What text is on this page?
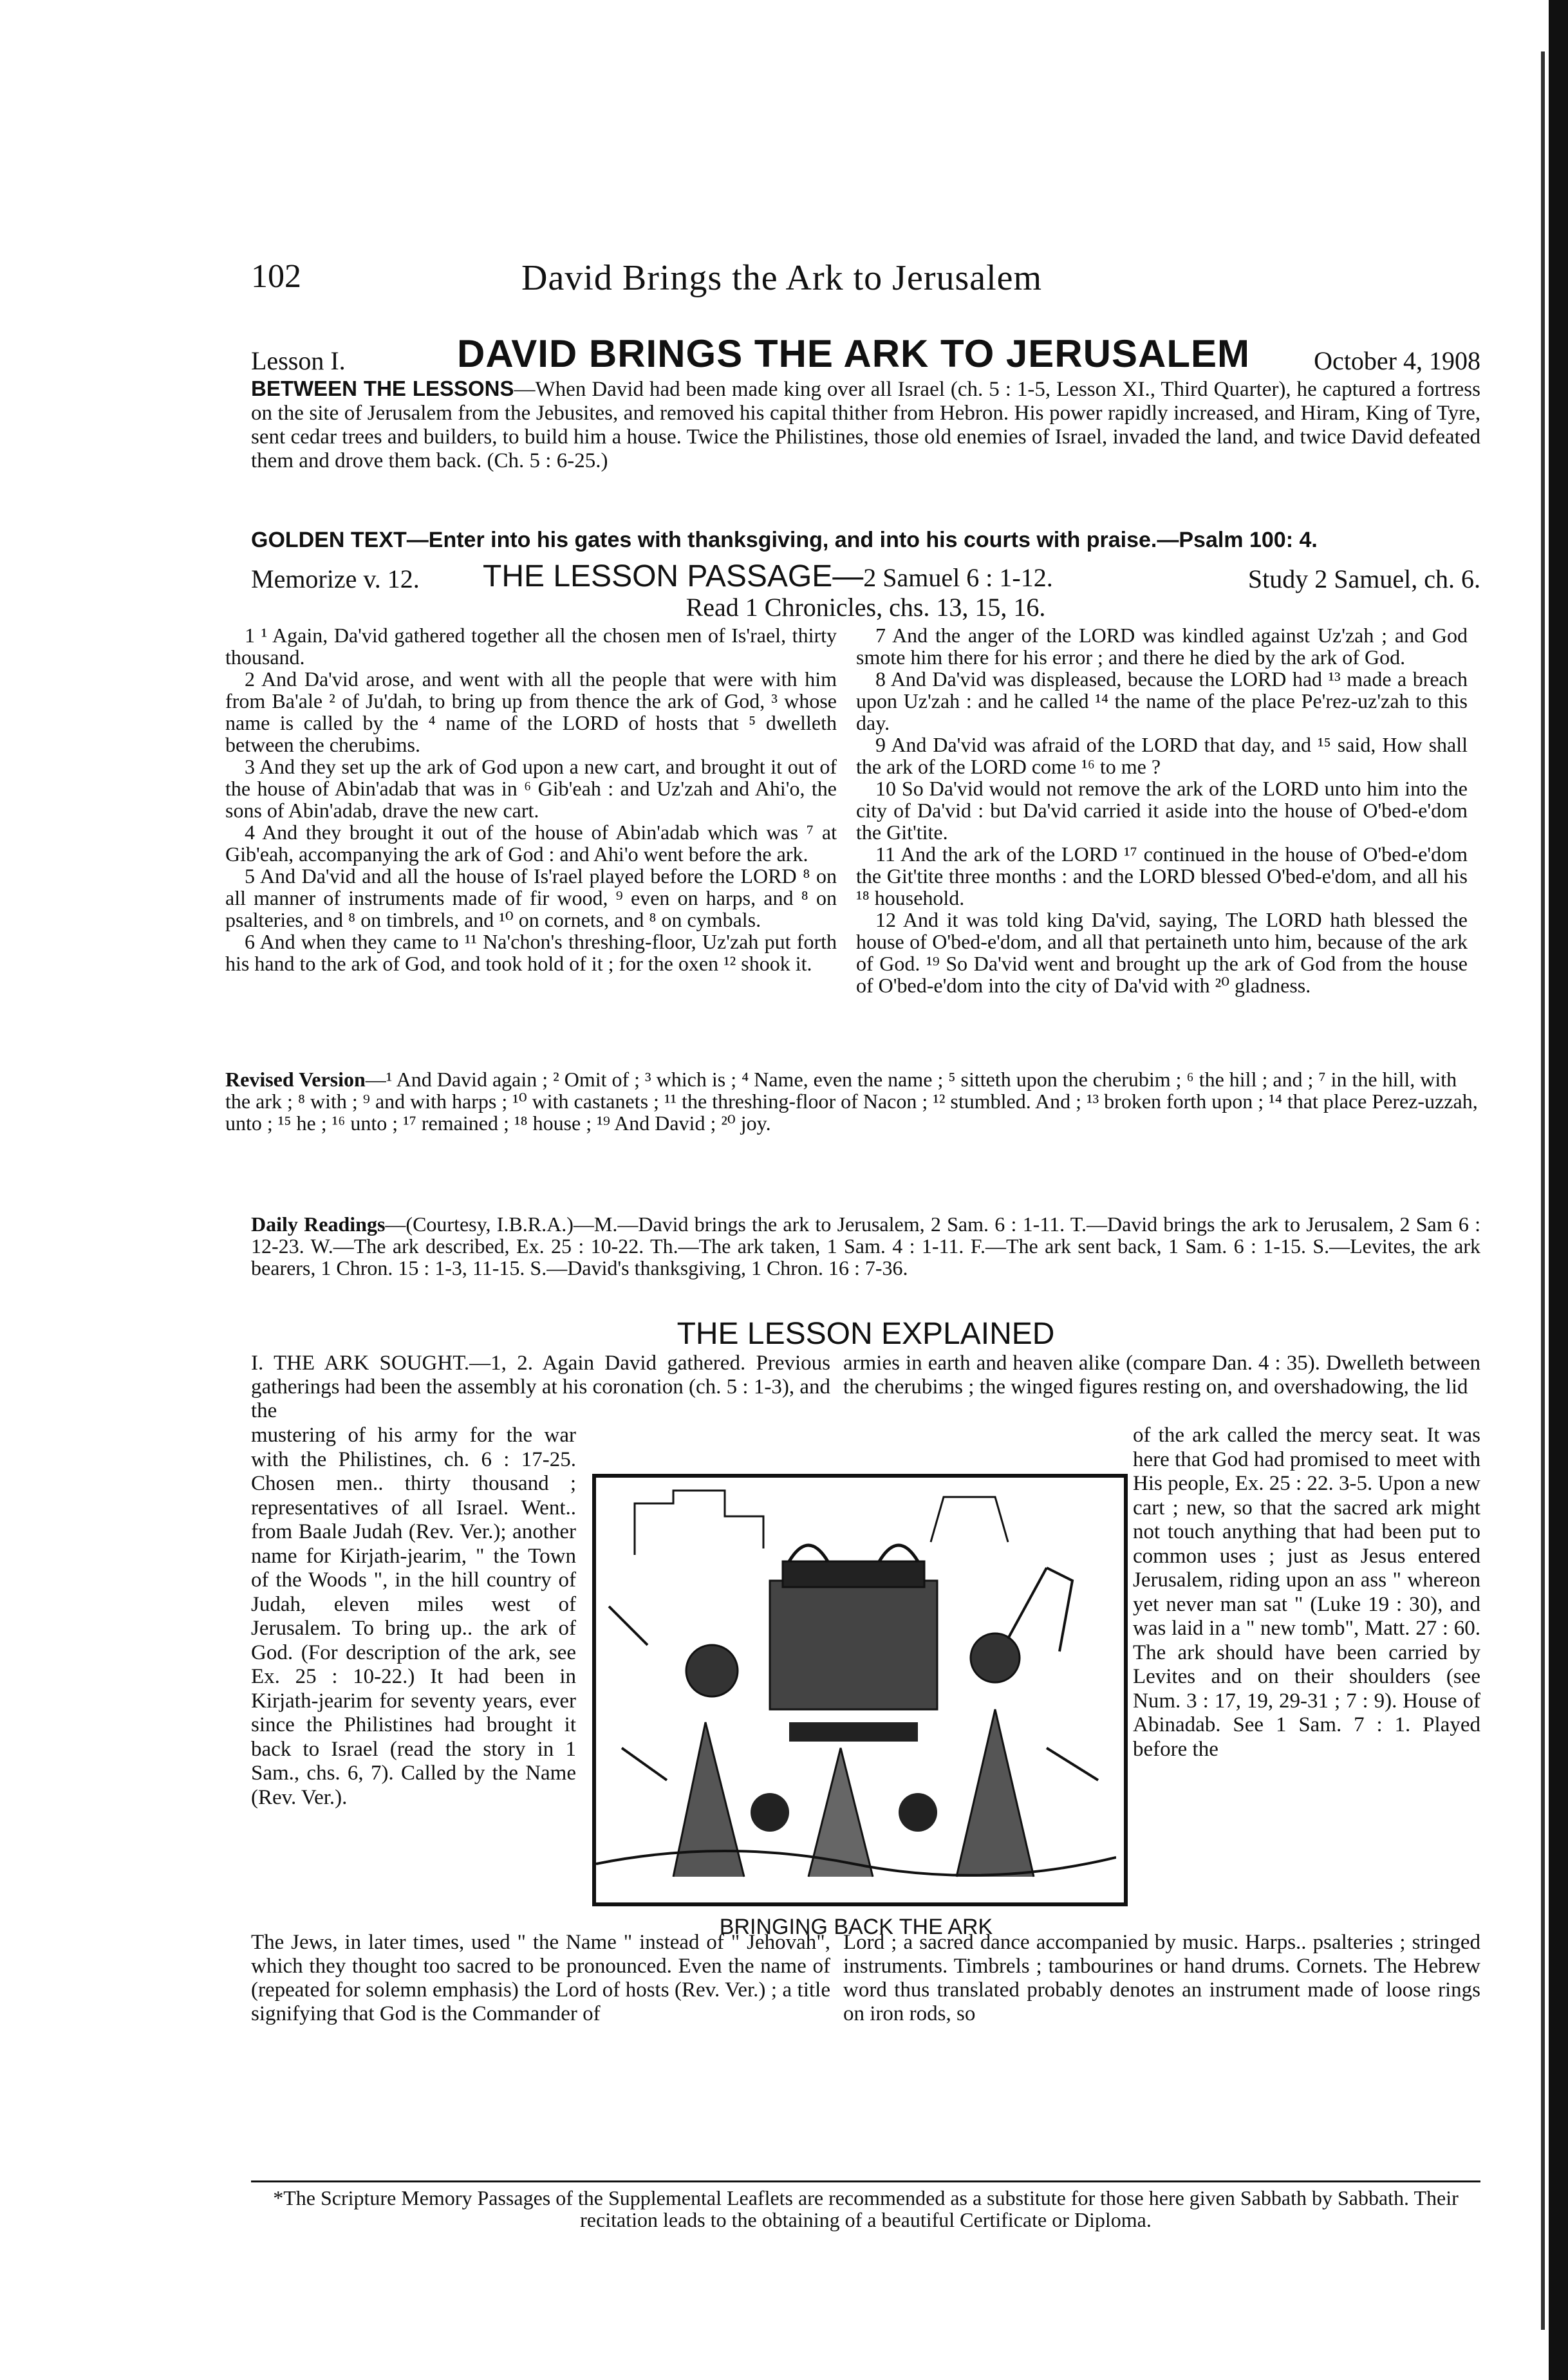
102	David Brings the Ark to Jerusalem
Lesson I.	DAVID BRINGS THE ARK TO JERUSALEM October 4, 1908
BETWEEN THE LESSONS—When David had been made king over all Israel (ch. 5 : 1-5, Lesson XI., Third Quarter), he captured a fortress on the site of Jerusalem from the Jebusites, and removed his capital thither from Hebron. His power rapidly increased, and Hiram, King of Tyre, sent cedar trees and builders, to build him a house. Twice the Philistines, those old enemies of Israel, invaded the land, and twice David defeated them and drove them back. (Ch. 5 : 6-25.)
GOLDEN TEXT—Enter into his gates with thanksgiving, and into his courts with praise.—Psalm 100: 4.
Memorize v. 12. THE LESSON PASSAGE—2 Samuel 6 : 1-12.	Study 2 Samuel, ch. 6.
Read 1 Chronicles, chs. 13, 15, 16.

1 ¹ Again, Da'vid gathered together all the chosen men of Is'rael, thirty thousand.

2 And Da'vid arose, and went with all the people that were with him from Ba'ale ² of Ju'dah, to bring up from thence the ark of God, ³ whose name is called by the ⁴ name of the LORD of hosts that ⁵ dwelleth between the cherubims.

3 And they set up the ark of God upon a new cart, and brought it out of the house of Abin'adab that was in ⁶ Gib'eah : and Uz'zah and Ahi'o, the sons of Abin'adab, drave the new cart.

4 And they brought it out of the house of Abin'adab which was ⁷ at Gib'eah, accompanying the ark of God : and Ahi'o went before the ark.

5 And Da'vid and all the house of Is'rael played before the LORD ⁸ on all manner of instruments made of fir wood, ⁹ even on harps, and ⁸ on psalteries, and ⁸ on timbrels, and ¹⁰ on cornets, and ⁸ on cymbals.

6 And when they came to ¹¹ Na'chon's threshing-floor, Uz'zah put forth his hand to the ark of God, and took hold of it ; for the oxen ¹² shook it.

7 And the anger of the LORD was kindled against Uz'zah ; and God smote him there for his error ; and there he died by the ark of God.

8 And Da'vid was displeased, because the LORD had ¹³ made a breach upon Uz'zah : and he called ¹⁴ the name of the place Pe'rez-uz'zah to this day.

9 And Da'vid was afraid of the LORD that day, and ¹⁵ said, How shall the ark of the LORD come ¹⁶ to me ?

10 So Da'vid would not remove the ark of the LORD unto him into the city of Da'vid : but Da'vid carried it aside into the house of O'bed-e'dom the Git'tite.

11 And the ark of the LORD ¹⁷ continued in the house of O'bed-e'dom the Git'tite three months : and the LORD blessed O'bed-e'dom, and all his ¹⁸ household.

12 And it was told king Da'vid, saying, The LORD hath blessed the house of O'bed-e'dom, and all that pertaineth unto him, because of the ark of God. ¹⁹ So Da'vid went and brought up the ark of God from the house of O'bed-e'dom into the city of Da'vid with ²⁰ gladness.

Revised Version—¹ And David again ; ² Omit of ; ³ which is ; ⁴ Name, even the name ; ⁵ sitteth upon the cherubim ; ⁶ the hill ; and ; ⁷ in the hill, with the ark ; ⁸ with ; ⁹ and with harps ; ¹⁰ with castanets ; ¹¹ the threshing-floor of Nacon ; ¹² stumbled. And ; ¹³ broken forth upon ; ¹⁴ that place Perez-uzzah, unto ; ¹⁵ he ; ¹⁶ unto ; ¹⁷ remained ; ¹⁸ house ; ¹⁹ And David ; ²⁰ joy.
Daily Readings—(Courtesy, I.B.R.A.)—M.—David brings the ark to Jerusalem, 2 Sam. 6 : 1-11. T.—David brings the ark to Jerusalem, 2 Sam 6 : 12-23. W.—The ark described, Ex. 25 : 10-22. Th.—The ark taken, 1 Sam. 4 : 1-11. F.—The ark sent back, 1 Sam. 6 : 1-15. S.—Levites, the ark bearers, 1 Chron. 15 : 1-3, 11-15. S.—David's thanksgiving, 1 Chron. 16 : 7-36.
THE LESSON EXPLAINED
I. THE ARK SOUGHT.—1, 2. Again David gathered. Previous gatherings had been the assembly at his coronation (ch. 5 : 1-3), and the
mustering of his army for the war with the Philistines, ch. 6 : 17-25. Chosen men.. thirty thousand ; representatives of all Israel. Went.. from Baale Judah (Rev. Ver.); another name for Kirjath-jearim, " the Town of the Woods ", in the hill country of Judah, eleven miles west of Jerusalem. To bring up.. the ark of God. (For description of the ark, see Ex. 25 : 10-22.) It had been in Kirjath-jearim for seventy years, ever since the Philistines had brought it back to Israel (read the story in 1 Sam., chs. 6, 7). Called by the Name (Rev. Ver.).
The Jews, in later times, used " the Name " instead of " Jehovah", which they thought too sacred to be pronounced. Even the name of (repeated for solemn emphasis) the Lord of hosts (Rev. Ver.) ; a title signifying that God is the Commander of
armies in earth and heaven alike (compare Dan. 4 : 35). Dwelleth between the cherubims ; the winged figures resting on, and overshadowing, the lid
of the ark called the mercy seat. It was here that God had promised to meet with His people, Ex. 25 : 22. 3-5. Upon a new cart ; new, so that the sacred ark might not touch anything that had been put to common uses ; just as Jesus entered Jerusalem, riding upon an ass " whereon yet never man sat " (Luke 19 : 30), and was laid in a " new tomb", Matt. 27 : 60. The ark should have been carried by Levites and on their shoulders (see Num. 3 : 17, 19, 29-31 ; 7 : 9). House of Abinadab. See 1 Sam. 7 : 1. Played before the
Lord ; a sacred dance accompanied by music. Harps.. psalteries ; stringed instruments. Timbrels ; tambourines or hand drums. Cornets. The Hebrew word thus translated probably denotes an instrument made of loose rings on iron rods, so
BRINGING BACK THE ARK
*The Scripture Memory Passages of the Supplemental Leaflets are recommended as a substitute for those here given Sabbath by Sabbath. Their recitation leads to the obtaining of a beautiful Certificate or Diploma.
